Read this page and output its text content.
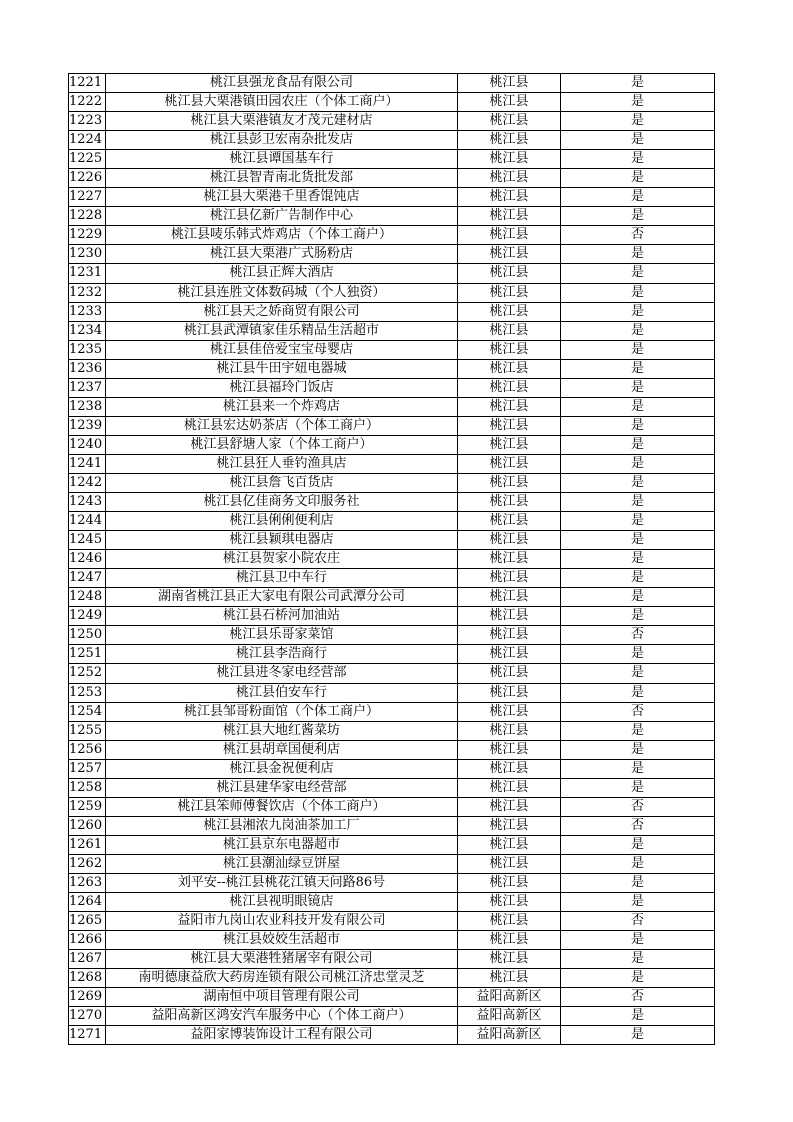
1221	桃江县强龙食品有限公司	桃江县	是
1222	桃江县大栗港镇田园农庄（个体工商户）	桃江县	是
1223	桃江县大栗港镇友才茂元建材店	桃江县	是
1224	桃江县彭卫宏南杂批发店	桃江县	是
1225	桃江县谭国基车行	桃江县	是
1226	桃江县智青南北货批发部	桃江县	是
1227	桃江县大栗港千里香馄饨店	桃江县	是
1228	桃江县亿新广告制作中心	桃江县	是
1229	桃江县唛乐韩式炸鸡店（个体工商户）	桃江县	否
1230	桃江县大栗港广式肠粉店	桃江县	是
1231	桃江县正辉大酒店	桃江县	是
1232	桃江县连胜文体数码城（个人独资）	桃江县	是
1233	桃江县天之娇商贸有限公司	桃江县	是
1234	桃江县武潭镇家佳乐精品生活超市	桃江县	是
1235	桃江县佳倍爱宝宝母婴店	桃江县	是
1236	桃江县牛田宇妞电器城	桃江县	是
1237	桃江县福玲门饭店	桃江县	是
1238	桃江县来一个炸鸡店	桃江县	是
1239	桃江县宏达奶茶店（个体工商户）	桃江县	是
1240	桃江县舒塘人家（个体工商户）	桃江县	是
1241	桃江县狂人垂钓渔具店	桃江县	是
1242	桃江县詹飞百货店	桃江县	是
1243	桃江县亿佳商务文印服务社	桃江县	是
1244	桃江县俐俐便利店	桃江县	是
1245	桃江县颖琪电器店	桃江县	是
1246	桃江县贺家小院农庄	桃江县	是
1247	桃江县卫中车行	桃江县	是
1248	湖南省桃江县正大家电有限公司武潭分公司	桃江县	是
1249	桃江县石桥河加油站	桃江县	是
1250	桃江县乐哥家菜馆	桃江县	否
1251	桃江县李浩商行	桃江县	是
1252	桃江县进冬家电经营部	桃江县	是
1253	桃江县伯安车行	桃江县	是
1254	桃江县邹哥粉面馆（个体工商户）	桃江县	否
1255	桃江县大地红酱菜坊	桃江县	是
1256	桃江县胡章国便利店	桃江县	是
1257	桃江县金祝便利店	桃江县	是
1258	桃江县建华家电经营部	桃江县	是
1259	桃江县笨师傅餐饮店（个体工商户）	桃江县	否
1260	桃江县湘浓九岗油茶加工厂	桃江县	否
1261	桃江县京东电器超市	桃江县	是
1262	桃江县潮汕绿豆饼屋	桃江县	是
1263	刘平安--桃江县桃花江镇天问路86号	桃江县	是
1264	桃江县视明眼镜店	桃江县	是
1265	益阳市九岗山农业科技开发有限公司	桃江县	否
1266	桃江县姣姣生活超市	桃江县	是
1267	桃江县大栗港牲猪屠宰有限公司	桃江县	是
1268	南明德康益欣大药房连锁有限公司桃江济忠堂灵芝	桃江县	是
1269	湖南恒中项目管理有限公司	益阳高新区	否
1270	益阳高新区鸿安汽车服务中心（个体工商户）	益阳高新区	是
1271	益阳家博装饰设计工程有限公司	益阳高新区	是
